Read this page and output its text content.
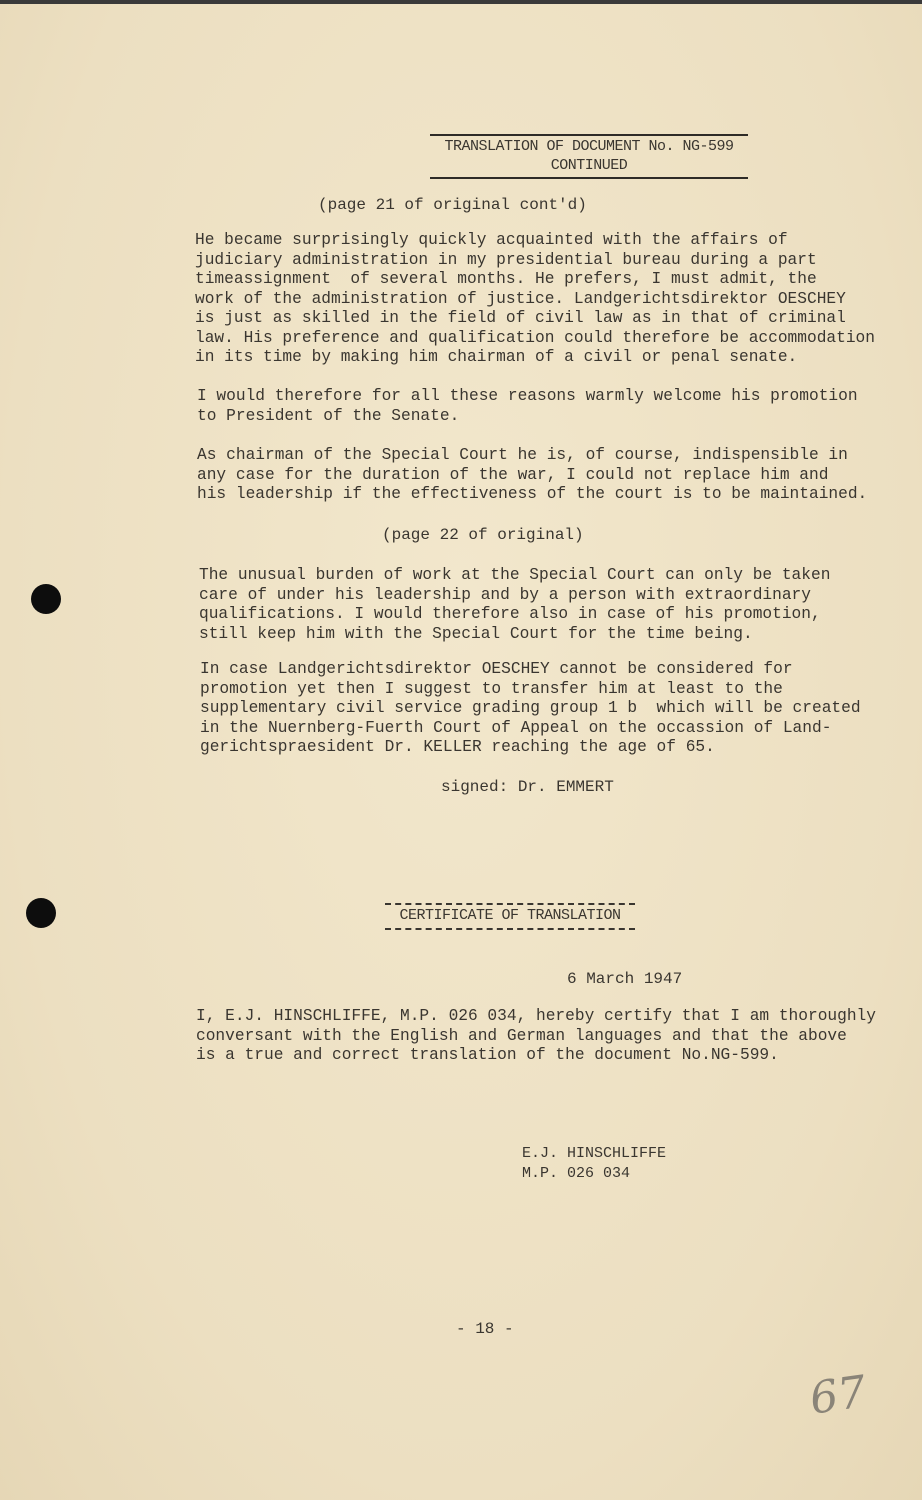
TRANSLATION OF DOCUMENT No. NG-599
CONTINUED
(page 21 of original cont'd)
He became surprisingly quickly acquainted with the affairs of
judiciary administration in my presidential bureau during a part
timeassignment  of several months. He prefers, I must admit, the
work of the administration of justice. Landgerichtsdirektor OESCHEY
is just as skilled in the field of civil law as in that of criminal
law. His preference and qualification could therefore be accommodation
in its time by making him chairman of a civil or penal senate.
I would therefore for all these reasons warmly welcome his promotion
to President of the Senate.
As chairman of the Special Court he is, of course, indispensible in
any case for the duration of the war, I could not replace him and
his leadership if the effectiveness of the court is to be maintained.
(page 22 of original)
The unusual burden of work at the Special Court can only be taken
care of under his leadership and by a person with extraordinary
qualifications. I would therefore also in case of his promotion,
still keep him with the Special Court for the time being.
In case Landgerichtsdirektor OESCHEY cannot be considered for
promotion yet then I suggest to transfer him at least to the
supplementary civil service grading group 1 b  which will be created
in the Nuernberg-Fuerth Court of Appeal on the occassion of Land-
gerichtspraesident Dr. KELLER reaching the age of 65.
signed: Dr. EMMERT
CERTIFICATE OF TRANSLATION
6 March 1947
I, E.J. HINSCHLIFFE, M.P. 026 034, hereby certify that I am thoroughly
conversant with the English and German languages and that the above
is a true and correct translation of the document No.NG-599.
E.J. HINSCHLIFFE
M.P. 026 034
- 18 -
67
